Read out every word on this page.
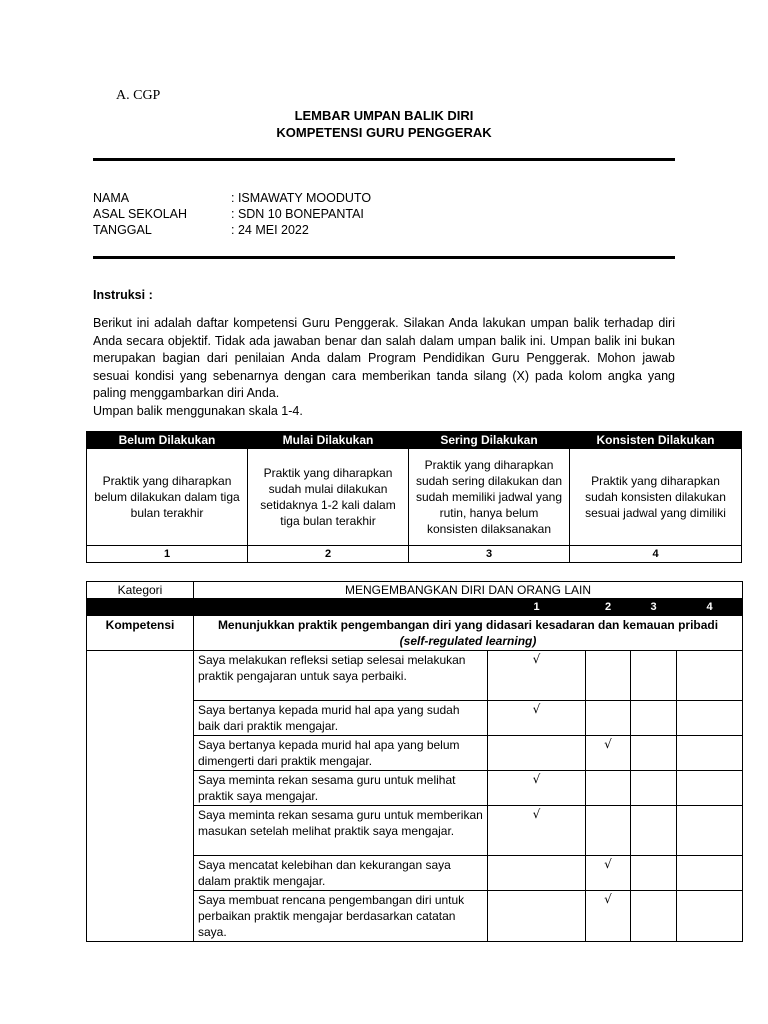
A. CGP
LEMBAR UMPAN BALIK DIRI
KOMPETENSI GURU PENGGERAK
NAMA	: ISMAWATY MOODUTO
ASAL SEKOLAH	: SDN 10 BONEPANTAI
TANGGAL	: 24 MEI 2022
Instruksi :

Berikut ini adalah daftar kompetensi Guru Penggerak. Silakan Anda lakukan umpan balik terhadap diri Anda secara objektif. Tidak ada jawaban benar dan salah dalam umpan balik ini. Umpan balik ini bukan merupakan bagian dari penilaian Anda dalam Program Pendidikan Guru Penggerak. Mohon jawab sesuai kondisi yang sebenarnya dengan cara memberikan tanda silang (X) pada kolom angka yang paling menggambarkan diri Anda.

Umpan balik menggunakan skala 1-4.

Belum Dilakukan	Mulai Dilakukan	Sering Dilakukan	Konsisten Dilakukan
Praktik yang diharapkan belum dilakukan dalam tiga bulan terakhir	Praktik yang diharapkan sudah mulai dilakukan setidaknya 1-2 kali dalam tiga bulan terakhir	Praktik yang diharapkan sudah sering dilakukan dan sudah memiliki jadwal yang rutin, hanya belum konsisten dilaksanakan	Praktik yang diharapkan sudah konsisten dilakukan sesuai jadwal yang dimiliki
1	2	3	4
Kategori	MENGEMBANGKAN DIRI DAN ORANG LAIN				
		1	2	3	4
Kompetensi	Menunjukkan praktik pengembangan diri yang didasari kesadaran dan kemauan pribadi
(self-regulated learning)				
	Saya melakukan refleksi setiap selesai melakukan praktik pengajaran untuk saya perbaiki.	√			
	Saya bertanya kepada murid hal apa yang sudah baik dari praktik mengajar.	√			
	Saya bertanya kepada murid hal apa yang belum dimengerti dari praktik mengajar.		√		
	Saya meminta rekan sesama guru untuk melihat praktik saya mengajar.	√			
	Saya meminta rekan sesama guru untuk memberikan masukan setelah melihat praktik saya mengajar.	√			
	Saya mencatat kelebihan dan kekurangan saya dalam praktik mengajar.		√		
	Saya membuat rencana pengembangan diri untuk perbaikan praktik mengajar berdasarkan catatan saya.		√		
